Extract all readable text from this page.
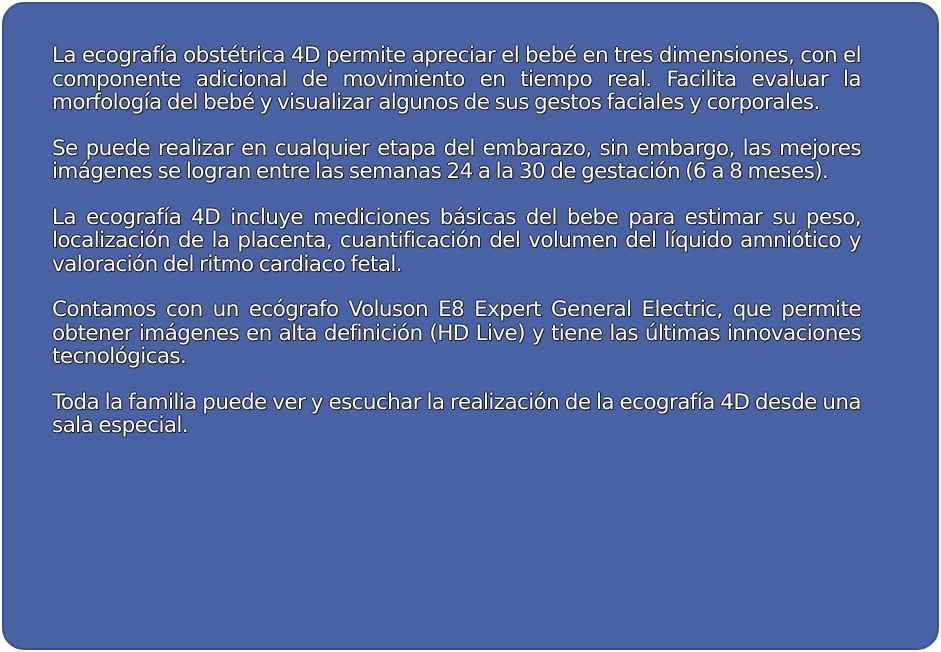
La ecografía obstétrica 4D permite apreciar el bebé en tres dimensiones, con el componente adicional de movimiento en tiempo real. Facilita evaluar la morfología del bebé y visualizar algunos de sus gestos faciales y corporales.

Se puede realizar en cualquier etapa del embarazo, sin embargo, las mejores imágenes se logran entre las semanas 24 a la 30 de gestación (6 a 8 meses).

La ecografía 4D incluye mediciones básicas del bebe para estimar su peso, localización de la placenta, cuantificación del volumen del líquido amniótico y valoración del ritmo cardiaco fetal.

Contamos con un ecógrafo Voluson E8 Expert General Electric, que permite obtener imágenes en alta definición (HD Live) y tiene las últimas innovaciones tecnológicas.

Toda la familia puede ver y escuchar la realización de la ecografía 4D desde una sala especial.
